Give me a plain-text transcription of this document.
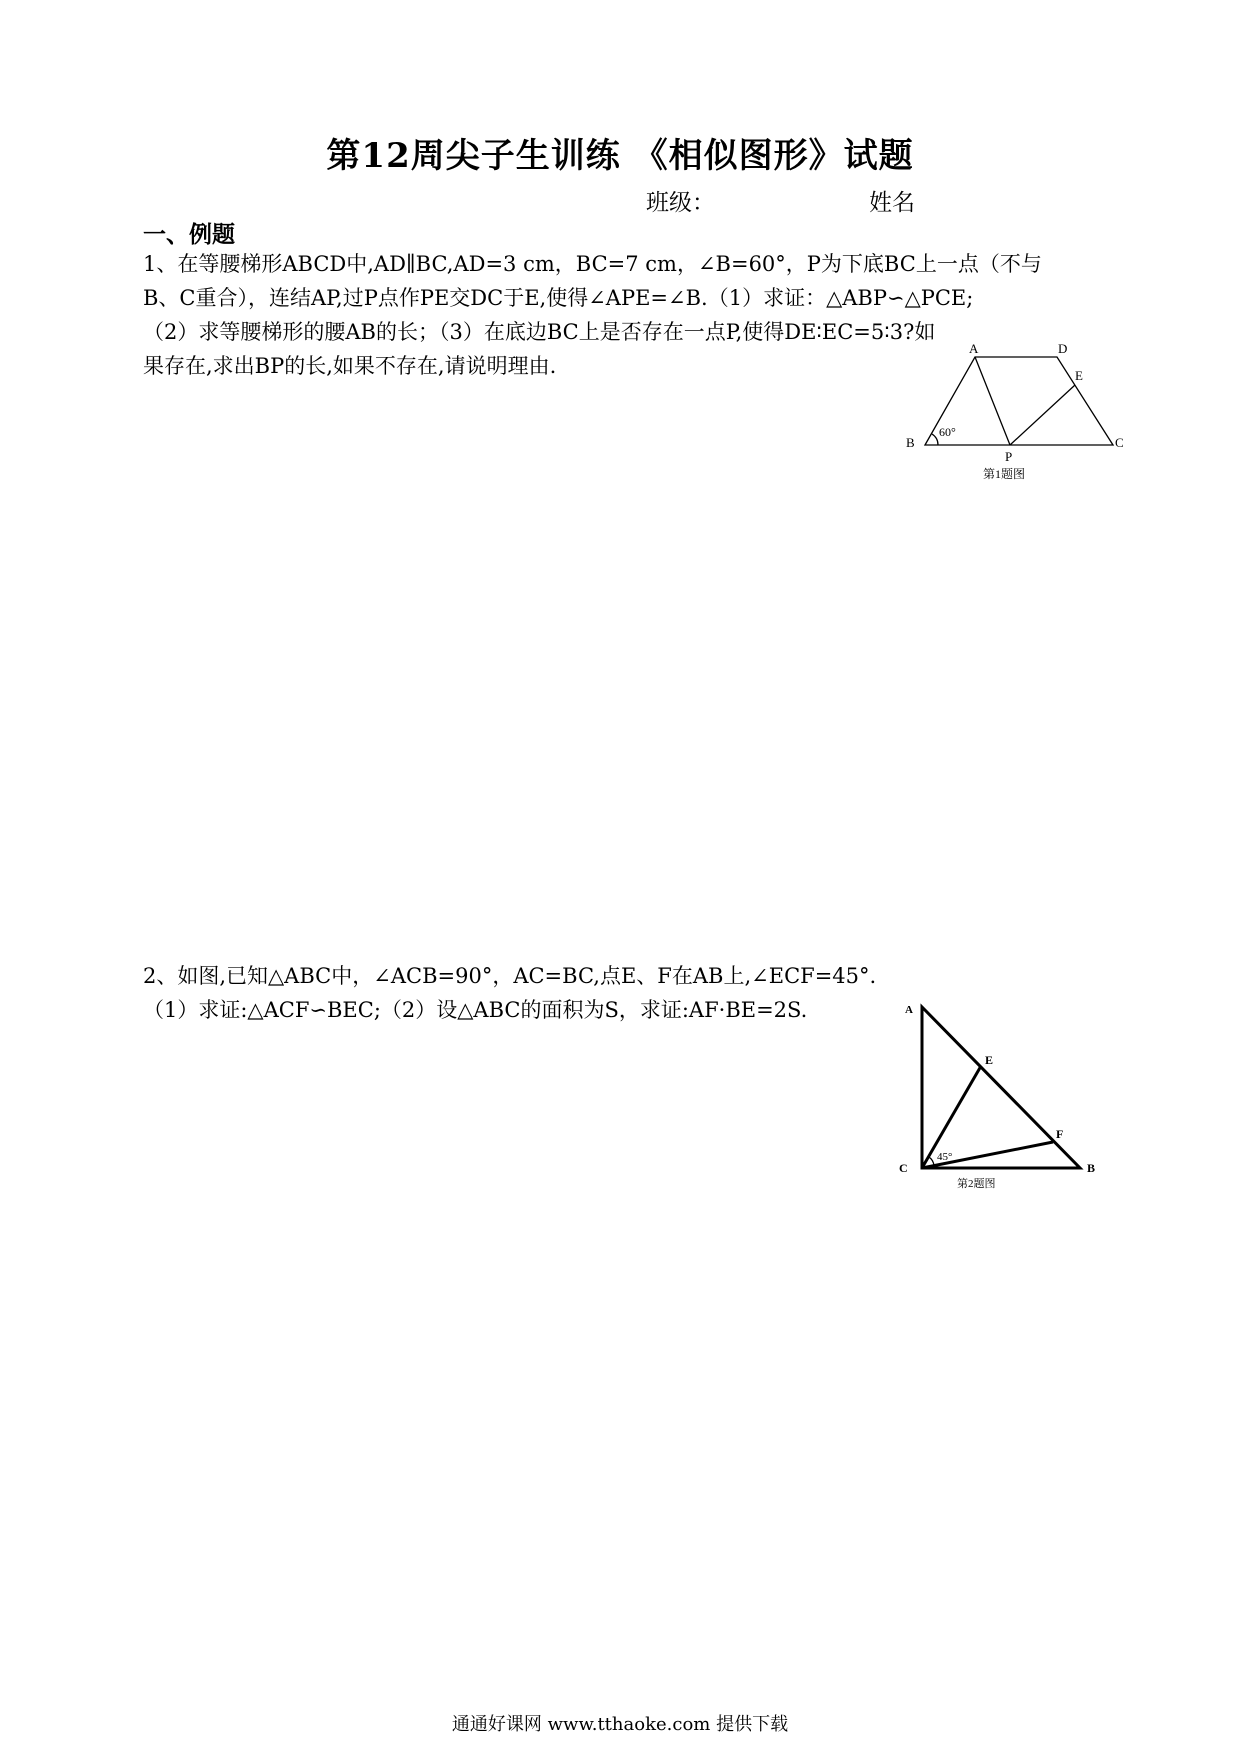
第12周尖子生训练 《相似图形》试题
班级：	姓名
一、例题
1、在等腰梯形ABCD中,AD∥BC,AD=3 cm，BC=7 cm，∠B=60°，P为下底BC上一点（不与
B、C重合），连结AP,过P点作PE交DC于E,使得∠APE=∠B.（1）求证：△ABP∽△PCE;
（2）求等腰梯形的腰AB的长；（3）在底边BC上是否存在一点P,使得DE∶EC=5∶3?如
果存在,求出BP的长,如果不存在,请说明理由.
A	D
E
B
P
C
60°
第1题图
2、如图,已知△ABC中，∠ACB=90°，AC=BC,点E、F在AB上,∠ECF=45°.
（1）求证:△ACF∽BEC;（2）设△ABC的面积为S，求证:AF·BE=2S.	A
E
F
C	B
45°
第2题图
通通好课网 www.tthaoke.com 提供下载
